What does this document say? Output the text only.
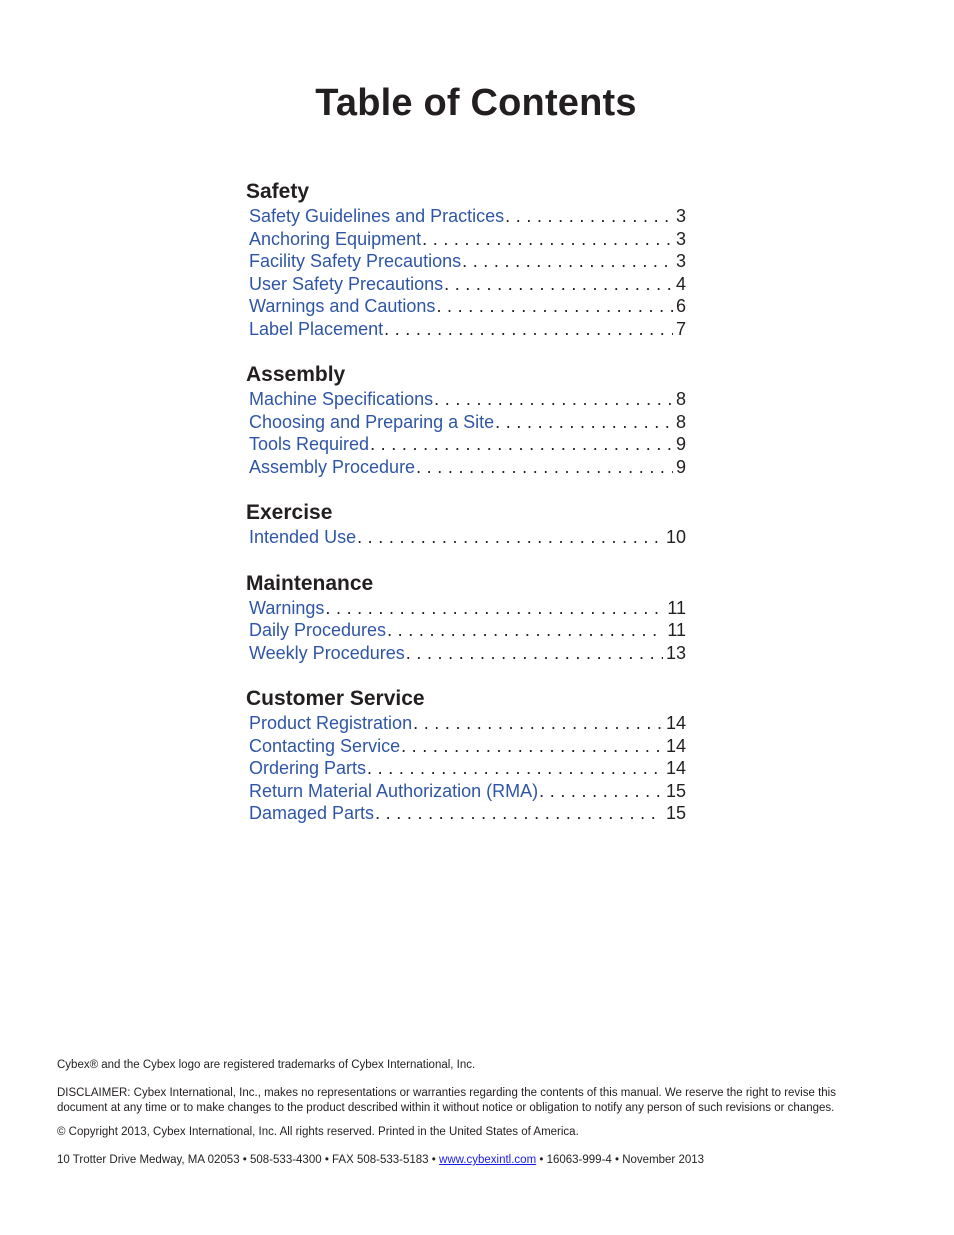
Table of Contents
Safety
Safety Guidelines and Practices . . .	3
Anchoring Equipment . . .	3
Facility Safety Precautions . . .	3
User Safety Precautions . . .	4
Warnings and Cautions . . .	6
Label Placement . . .	7
Assembly
Machine Specifications . . .	8
Choosing and Preparing a Site . . .	8
Tools Required . . .	9
Assembly Procedure . . .	9
Exercise
Intended Use . . .	10
Maintenance
Warnings . . .	11
Daily Procedures . . .	11
Weekly Procedures . . .	13
Customer Service
Product Registration . . .	14
Contacting Service . . .	14
Ordering Parts . . .	14
Return Material Authorization (RMA) . . .	15
Damaged Parts . . .	15

Cybex® and the Cybex logo are registered trademarks of Cybex International, Inc.

DISCLAIMER: Cybex International, Inc., makes no representations or warranties regarding the contents of this manual. We reserve the right to revise this document at any time or to make changes to the product described within it without notice or obligation to notify any person of such revisions or changes.

© Copyright 2013, Cybex International, Inc. All rights reserved. Printed in the United States of America.

10 Trotter Drive Medway, MA 02053 • 508-533-4300 • FAX 508-533-5183 • www.cybexintl.com • 16063-999-4 • November 2013
